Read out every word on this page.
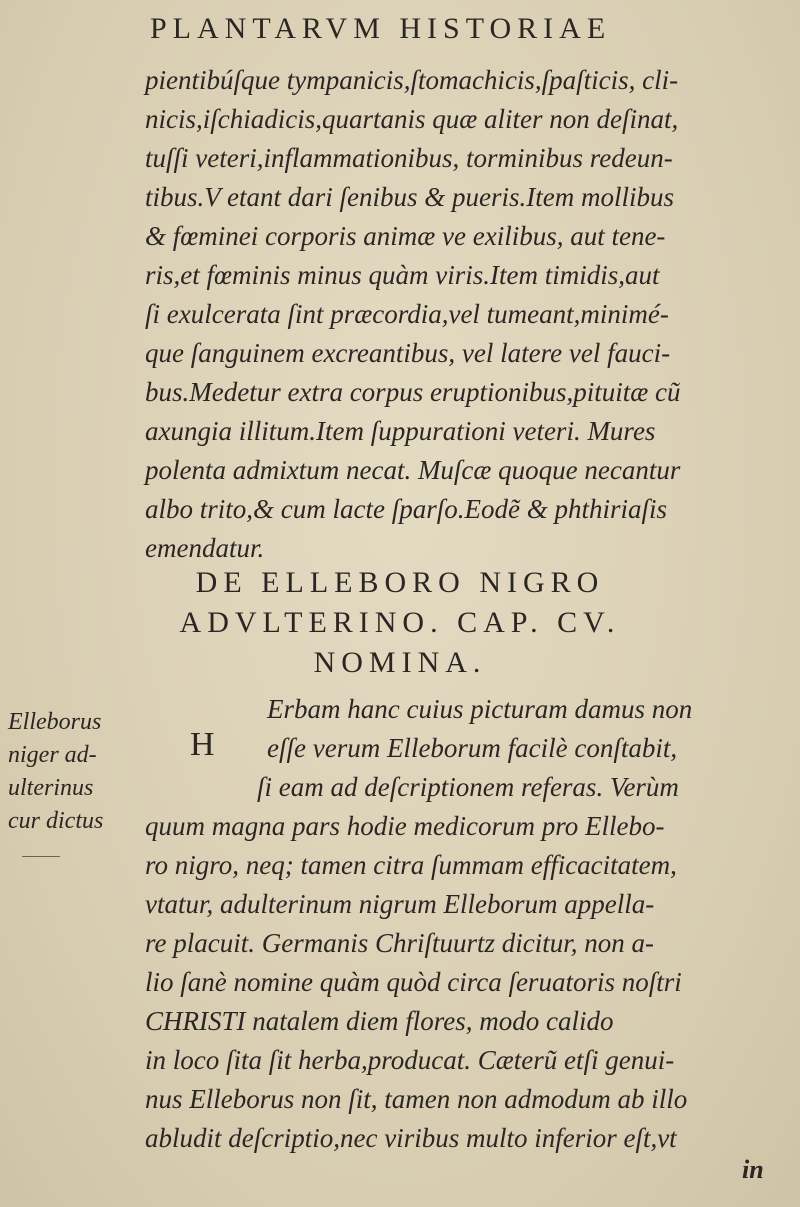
PLANTARVM HISTORIAE
pientibúſque tympanicis,ſtomachicis,ſpaſticis, cli-
nicis,iſchiadicis,quartanis quæ aliter non deſinat,
tuſſi veteri,inflammationibus, torminibus redeun-
tibus.V etant dari ſenibus & pueris.Item mollibus
& fœminei corporis animæ ve exilibus, aut tene-
ris,et fœminis minus quàm viris.Item timidis,aut
ſi exulcerata ſint præcordia,vel tumeant,minimé-
que ſanguinem excreantibus, vel latere vel fauci-
bus.Medetur extra corpus eruptionibus,pituitæ cũ
axungia illitum.Item ſuppurationi veteri. Mures
polenta admixtum necat. Muſcæ quoque necantur
albo trito,& cum lacte ſparſo.Eodẽ & phthiriaſis
emendatur.
DE ELLEBORO NIGRO
ADVLTERINO. CAP. CV.
NOMINA.
H
Erbam hanc cuius picturam damus non
eſſe verum Elleborum facilè conſtabit,
ſi eam ad deſcriptionem referas. Verùm
quum magna pars hodie medicorum pro Ellebo-
ro nigro, neq; tamen citra ſummam efficacitatem,
vtatur, adulterinum nigrum Elleborum appella-
re placuit. Germanis Chriſtuurtz dicitur, non a-
lio ſanè nomine quàm quòd circa ſeruatoris noſtri
CHRISTI natalem diem flores, modo calido
in loco ſita ſit herba,producat. Cæterũ etſi genui-
nus Elleborus non ſit, tamen non admodum ab illo
abludit deſcriptio,nec viribus multo inferior eſt,vt
Elleborus
niger ad-
ulterinus
cur dictus
in
